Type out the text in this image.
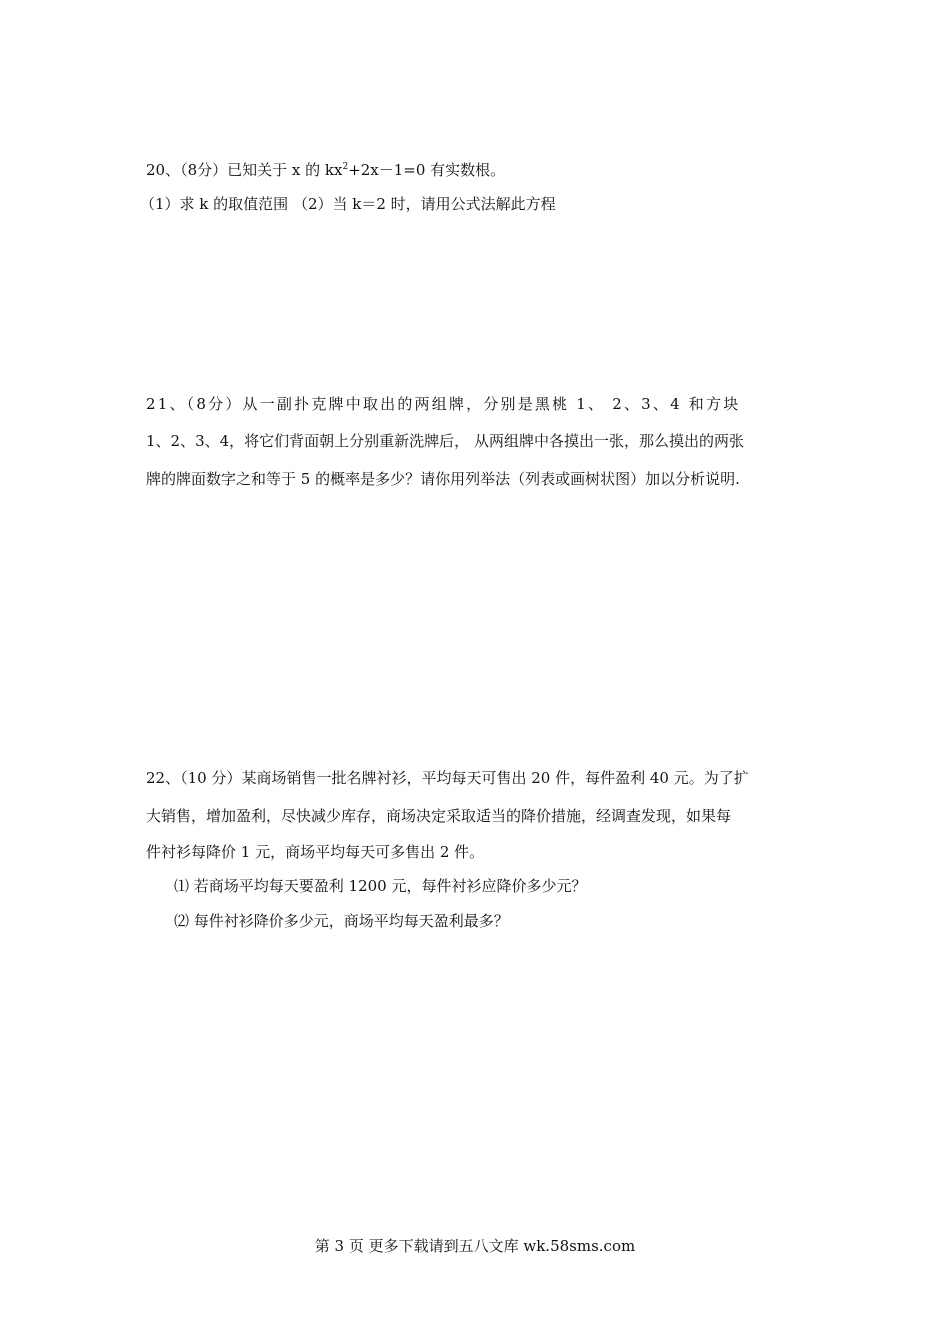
20、（8分）已知关于 x 的 $kx^2+2x-1=0$ 有实数根。
（1）求 k 的取值范围 （2）当 k＝2 时，请用公式法解此方程
21、（8分）从一副扑克牌中取出的两组牌，分别是黑桃 1、 2、3、4 和方块
1、2、3、4，将它们背面朝上分别重新洗牌后， 从两组牌中各摸出一张，那么摸出的两张
牌的牌面数字之和等于 5 的概率是多少？请你用列举法（列表或画树状图）加以分析说明.
22、（10 分）某商场销售一批名牌衬衫，平均每天可售出 20 件，每件盈利 40 元。为了扩
大销售，增加盈利，尽快减少库存，商场决定采取适当的降价措施，经调查发现，如果每
件衬衫每降价 1 元，商场平均每天可多售出 2 件。
⑴ 若商场平均每天要盈利 1200 元，每件衬衫应降价多少元？
⑵ 每件衬衫降价多少元，商场平均每天盈利最多？
第 3 页 更多下载请到五八文库 wk.58sms.com
